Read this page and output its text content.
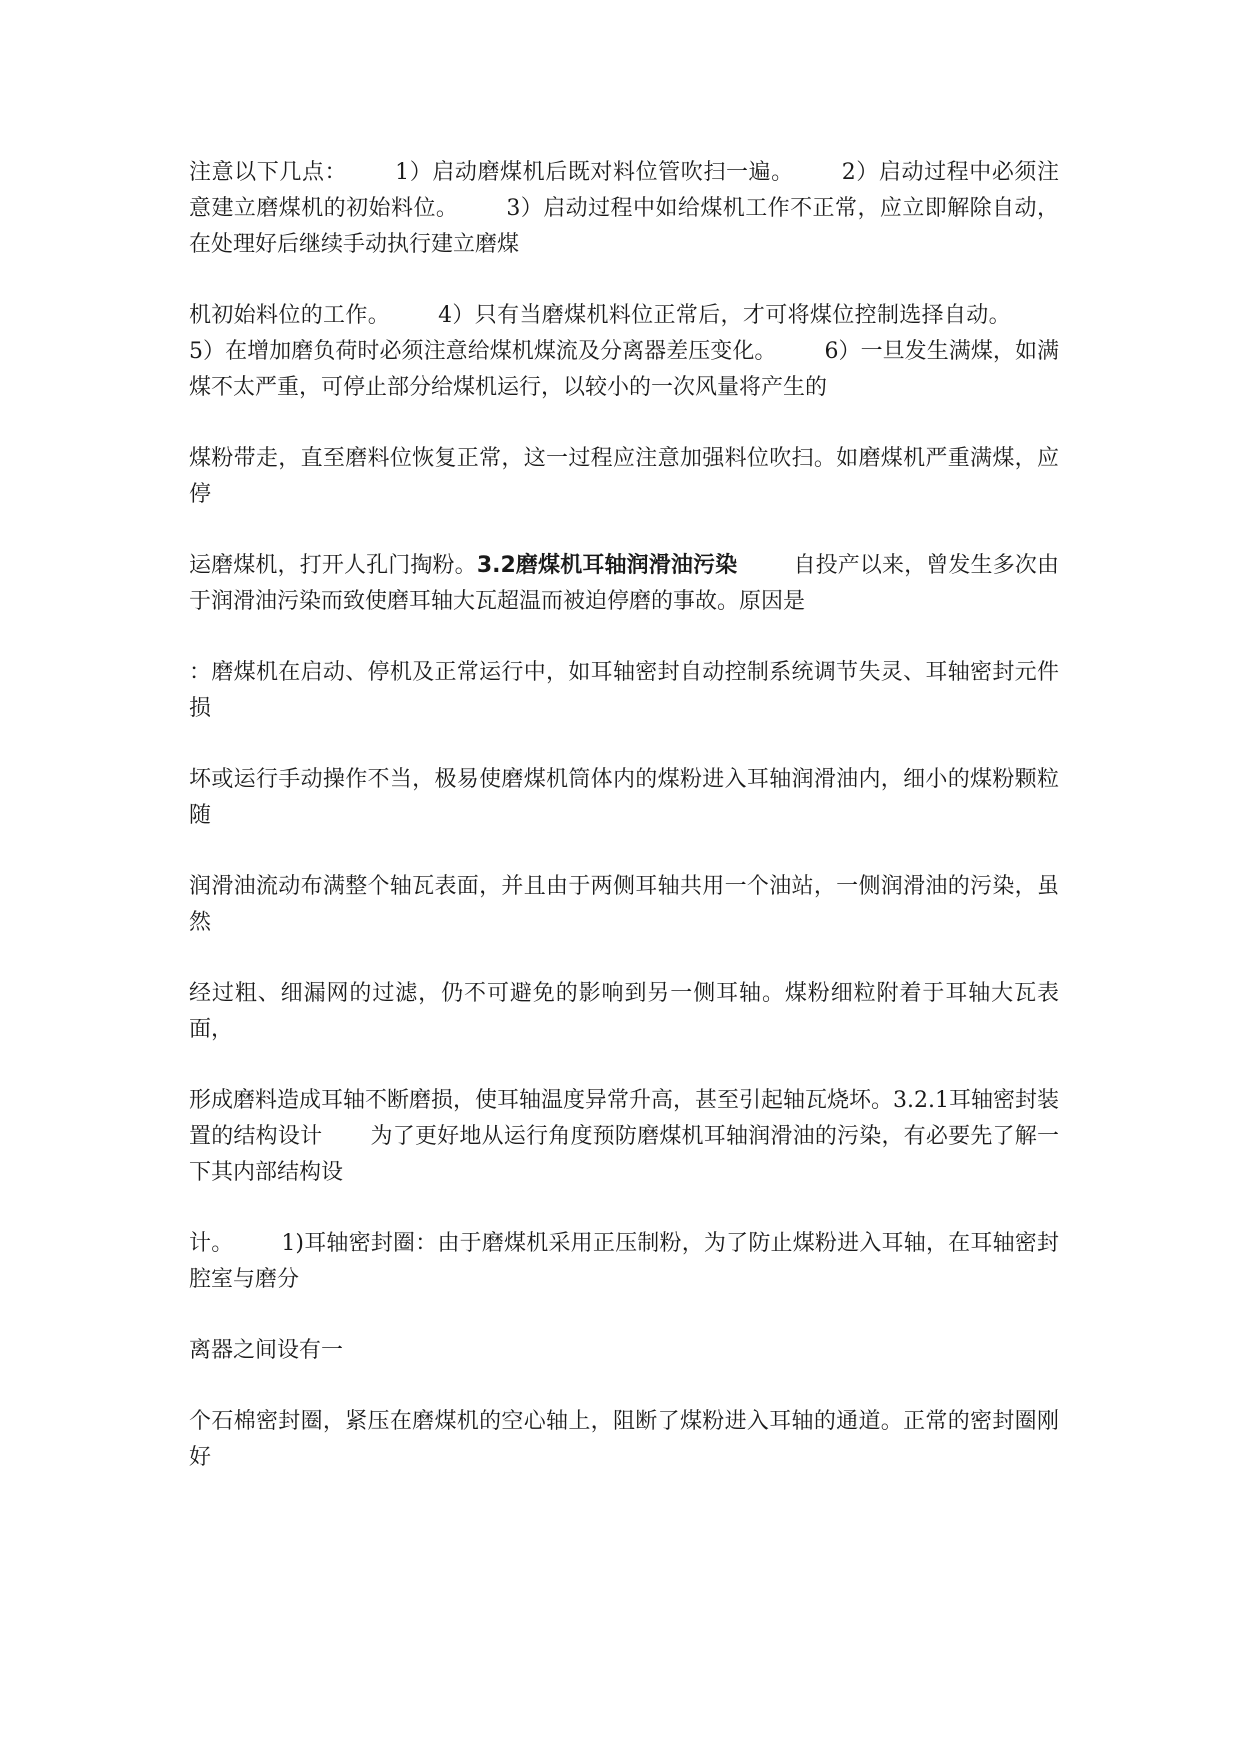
注意以下几点： 1）启动磨煤机后既对料位管吹扫一遍。 2）启动过程中必须注意建立磨煤机的初始料位。 3）启动过程中如给煤机工作不正常，应立即解除自动，在处理好后继续手动执行建立磨煤

机初始料位的工作。 4）只有当磨煤机料位正常后，才可将煤位控制选择自动。5）在增加磨负荷时必须注意给煤机煤流及分离器差压变化。 6）一旦发生满煤，如满煤不太严重，可停止部分给煤机运行，以较小的一次风量将产生的

煤粉带走，直至磨料位恢复正常，这一过程应注意加强料位吹扫。如磨煤机严重满煤，应停

运磨煤机，打开人孔门掏粉。3.2磨煤机耳轴润滑油污染	自投产以来，曾发生多次由于润滑油污染而致使磨耳轴大瓦超温而被迫停磨的事故。原因是

：磨煤机在启动、停机及正常运行中，如耳轴密封自动控制系统调节失灵、耳轴密封元件损

坏或运行手动操作不当，极易使磨煤机筒体内的煤粉进入耳轴润滑油内，细小的煤粉颗粒随

润滑油流动布满整个轴瓦表面，并且由于两侧耳轴共用一个油站，一侧润滑油的污染，虽然

经过粗、细漏网的过滤，仍不可避免的影响到另一侧耳轴。煤粉细粒附着于耳轴大瓦表面，

形成磨料造成耳轴不断磨损，使耳轴温度异常升高，甚至引起轴瓦烧坏。3.2.1耳轴密封装置的结构设计 为了更好地从运行角度预防磨煤机耳轴润滑油的污染，有必要先了解一下其内部结构设

计。 1)耳轴密封圈：由于磨煤机采用正压制粉，为了防止煤粉进入耳轴，在耳轴密封腔室与磨分

离器之间设有一

个石棉密封圈，紧压在磨煤机的空心轴上，阻断了煤粉进入耳轴的通道。正常的密封圈刚好
